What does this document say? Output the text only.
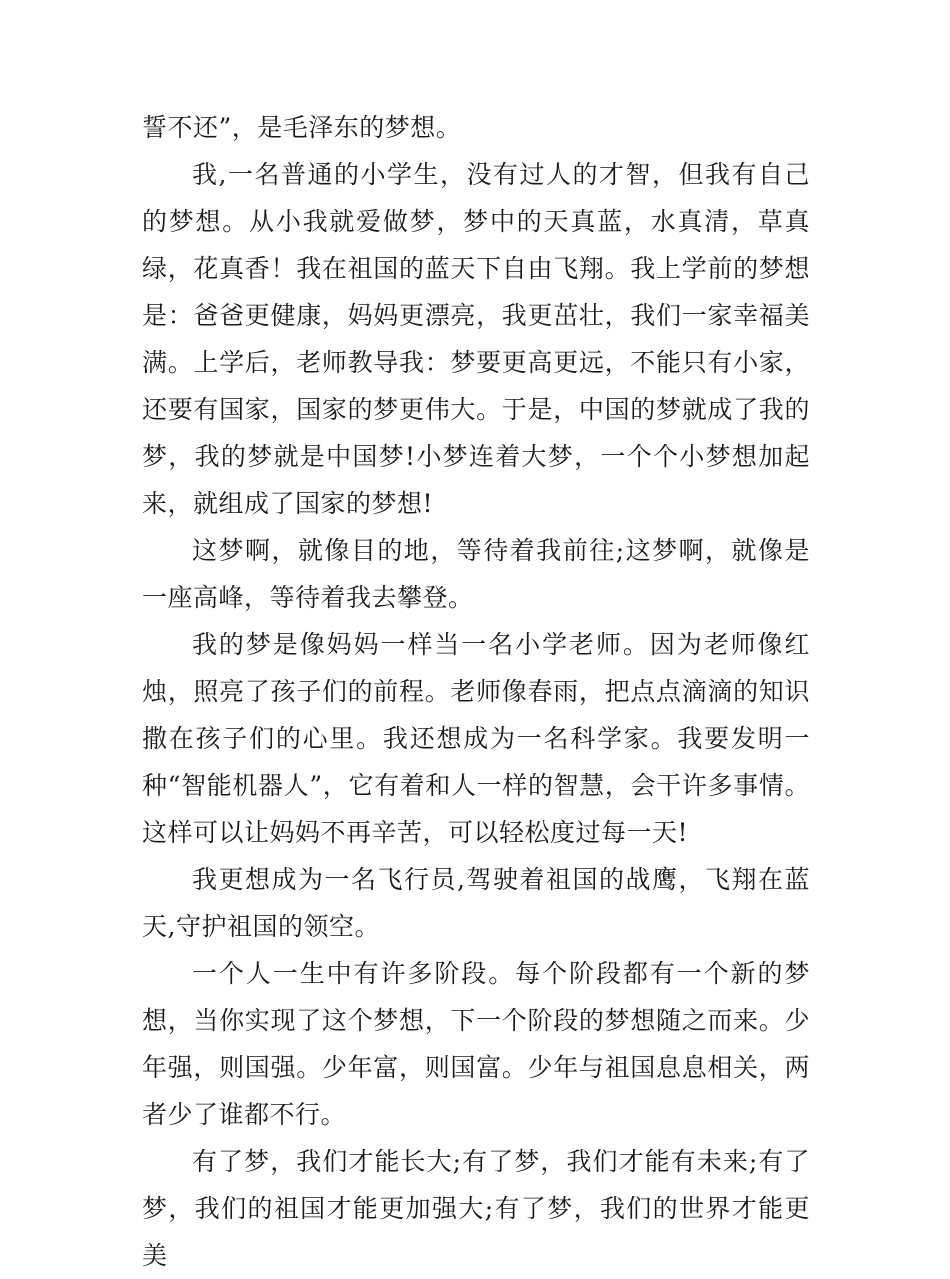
誓不还”，是毛泽东的梦想。

我,一名普通的小学生，没有过人的才智，但我有自己的梦想。从小我就爱做梦，梦中的天真蓝，水真清，草真绿，花真香！我在祖国的蓝天下自由飞翔。我上学前的梦想是：爸爸更健康，妈妈更漂亮，我更茁壮，我们一家幸福美满。上学后，老师教导我：梦要更高更远，不能只有小家，还要有国家，国家的梦更伟大。于是，中国的梦就成了我的梦，我的梦就是中国梦!小梦连着大梦，一个个小梦想加起来，就组成了国家的梦想!

这梦啊，就像目的地，等待着我前往;这梦啊，就像是一座高峰，等待着我去攀登。

我的梦是像妈妈一样当一名小学老师。因为老师像红烛，照亮了孩子们的前程。老师像春雨，把点点滴滴的知识撒在孩子们的心里。我还想成为一名科学家。我要发明一种“智能机器人”，它有着和人一样的智慧，会干许多事情。这样可以让妈妈不再辛苦，可以轻松度过每一天!

我更想成为一名飞行员,驾驶着祖国的战鹰，飞翔在蓝天,守护祖国的领空。

一个人一生中有许多阶段。每个阶段都有一个新的梦想，当你实现了这个梦想，下一个阶段的梦想随之而来。少年强，则国强。少年富，则国富。少年与祖国息息相关，两者少了谁都不行。

有了梦，我们才能长大;有了梦，我们才能有未来;有了梦，我们的祖国才能更加强大;有了梦，我们的世界才能更美
